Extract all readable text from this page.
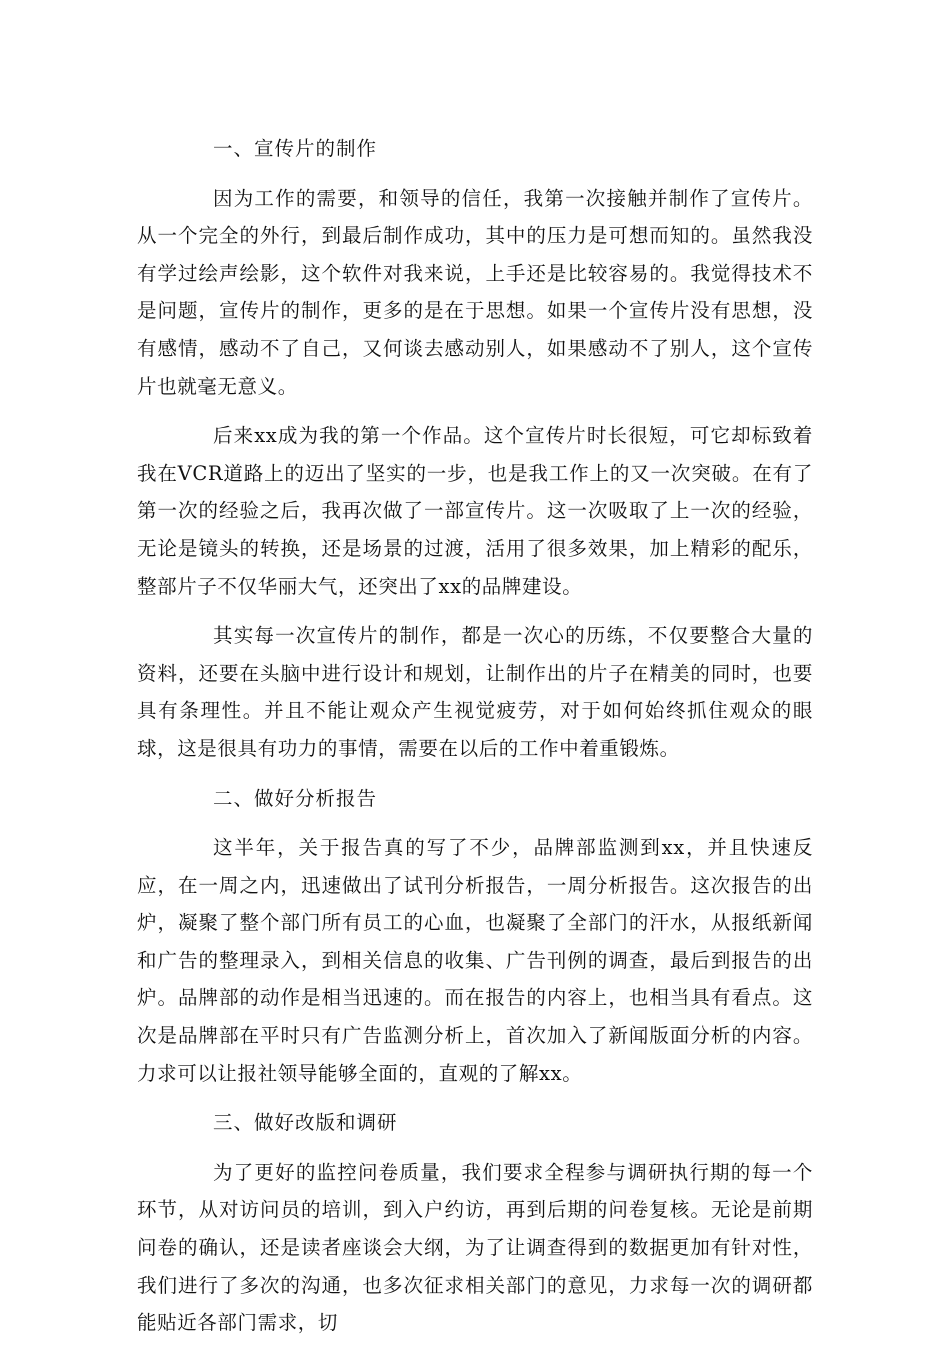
一、宣传片的制作

因为工作的需要，和领导的信任，我第一次接触并制作了宣传片。从一个完全的外行，到最后制作成功，其中的压力是可想而知的。虽然我没有学过绘声绘影，这个软件对我来说，上手还是比较容易的。我觉得技术不是问题，宣传片的制作，更多的是在于思想。如果一个宣传片没有思想，没有感情，感动不了自己，又何谈去感动别人，如果感动不了别人，这个宣传片也就毫无意义。

后来xx成为我的第一个作品。这个宣传片时长很短，可它却标致着我在VCR道路上的迈出了坚实的一步，也是我工作上的又一次突破。在有了第一次的经验之后，我再次做了一部宣传片。这一次吸取了上一次的经验，无论是镜头的转换，还是场景的过渡，活用了很多效果，加上精彩的配乐，整部片子不仅华丽大气，还突出了xx的品牌建设。

其实每一次宣传片的制作，都是一次心的历练，不仅要整合大量的资料，还要在头脑中进行设计和规划，让制作出的片子在精美的同时，也要具有条理性。并且不能让观众产生视觉疲劳，对于如何始终抓住观众的眼球，这是很具有功力的事情，需要在以后的工作中着重锻炼。

二、做好分析报告

这半年，关于报告真的写了不少，品牌部监测到xx，并且快速反应，在一周之内，迅速做出了试刊分析报告，一周分析报告。这次报告的出炉，凝聚了整个部门所有员工的心血，也凝聚了全部门的汗水，从报纸新闻和广告的整理录入，到相关信息的收集、广告刊例的调查，最后到报告的出炉。品牌部的动作是相当迅速的。而在报告的内容上，也相当具有看点。这次是品牌部在平时只有广告监测分析上，首次加入了新闻版面分析的内容。力求可以让报社领导能够全面的，直观的了解xx。

三、做好改版和调研

为了更好的监控问卷质量，我们要求全程参与调研执行期的每一个环节，从对访问员的培训，到入户约访，再到后期的问卷复核。无论是前期问卷的确认，还是读者座谈会大纲，为了让调查得到的数据更加有针对性，我们进行了多次的沟通，也多次征求相关部门的意见，力求每一次的调研都能贴近各部门需求，切
